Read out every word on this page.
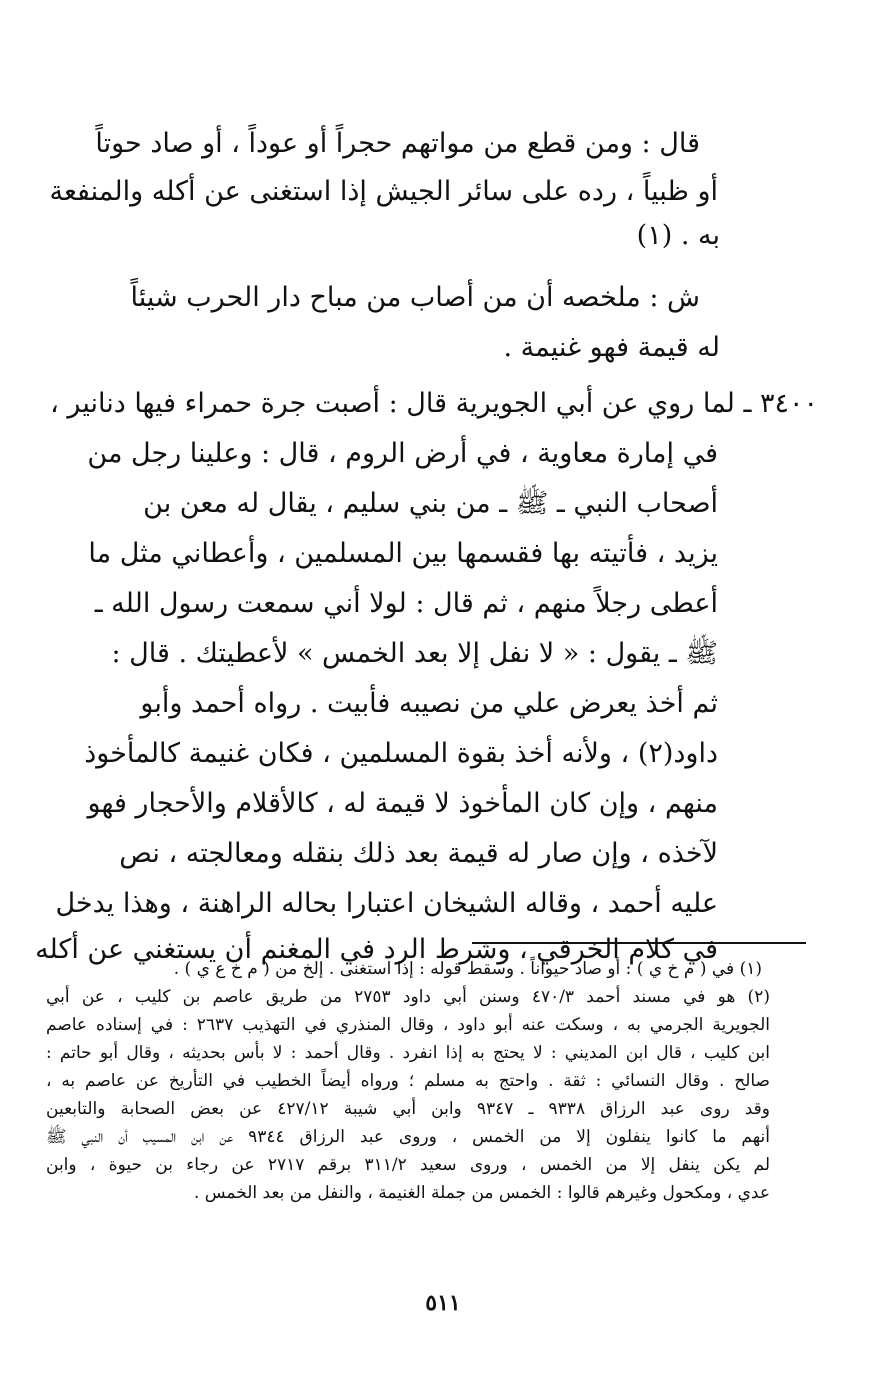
قال : ومن قطع من مواتهم حجراً أو عوداً ، أو صاد حوتاً
أو ظبياً ، رده على سائر الجيش إذا استغنى عن أكله والمنفعة
به . (١)
ش : ملخصه أن من أصاب من مباح دار الحرب شيئاً
له قيمة فهو غنيمة .
٣٤٠٠ ـ لما روي عن أبي الجويرية قال : أصبت جرة حمراء فيها دنانير ،
في إمارة معاوية ، في أرض الروم ، قال : وعلينا رجل من
أصحاب النبي ـ ﷺ ـ من بني سليم ، يقال له معن بن
يزيد ، فأتيته بها فقسمها بين المسلمين ، وأعطاني مثل ما
أعطى رجلاً منهم ، ثم قال : لولا أني سمعت رسول الله ـ
ﷺ ـ يقول : « لا نفل إلا بعد الخمس » لأعطيتك . قال :
ثم أخذ يعرض علي من نصيبه فأبيت . رواه أحمد وأبو
داود(٢) ، ولأنه أخذ بقوة المسلمين ، فكان غنيمة كالمأخوذ
منهم ، وإن كان المأخوذ لا قيمة له ، كالأقلام والأحجار فهو
لآخذه ، وإن صار له قيمة بعد ذلك بنقله ومعالجته ، نص
عليه أحمد ، وقاله الشيخان اعتبارا بحاله الراهنة ، وهذا يدخل
في كلام الخرقي ، وشرط الرد في المغنم أن يستغني عن أكله
(١) في ( م خ ي ) : أو صاد حيواناً . وسقط قوله : إذا استغنى . إلخ من ( م خ ع ي ) .
(٢) هو في مسند أحمد ٤٧٠/٣ وسنن أبي داود ٢٧٥٣ من طريق عاصم بن كليب ، عن أبي
الجويرية الجرمي به ، وسكت عنه أبو داود ، وقال المنذري في التهذيب ٢٦٣٧ : في إسناده عاصم
ابن كليب ، قال ابن المديني : لا يحتج به إذا انفرد . وقال أحمد : لا بأس بحديثه ، وقال أبو حاتم :
صالح . وقال النسائي : ثقة . واحتج به مسلم ؛ ورواه أيضاً الخطيب في التأريخ عن عاصم به ،
وقد روى عبد الرزاق ٩٣٣٨ ـ ٩٣٤٧ وابن أبي شيبة ٤٢٧/١٢ عن بعض الصحابة والتابعين
أنهم ما كانوا ينفلون إلا من الخمس ، وروى عبد الرزاق ٩٣٤٤ عن ابن المسيب أن النبي ﷺ
لم يكن ينفل إلا من الخمس ، وروى سعيد ٣١١/٢ برقم ٢٧١٧ عن رجاء بن حيوة ، وابن
عدي ، ومكحول وغيرهم قالوا : الخمس من جملة الغنيمة ، والنفل من بعد الخمس .
٥١١
